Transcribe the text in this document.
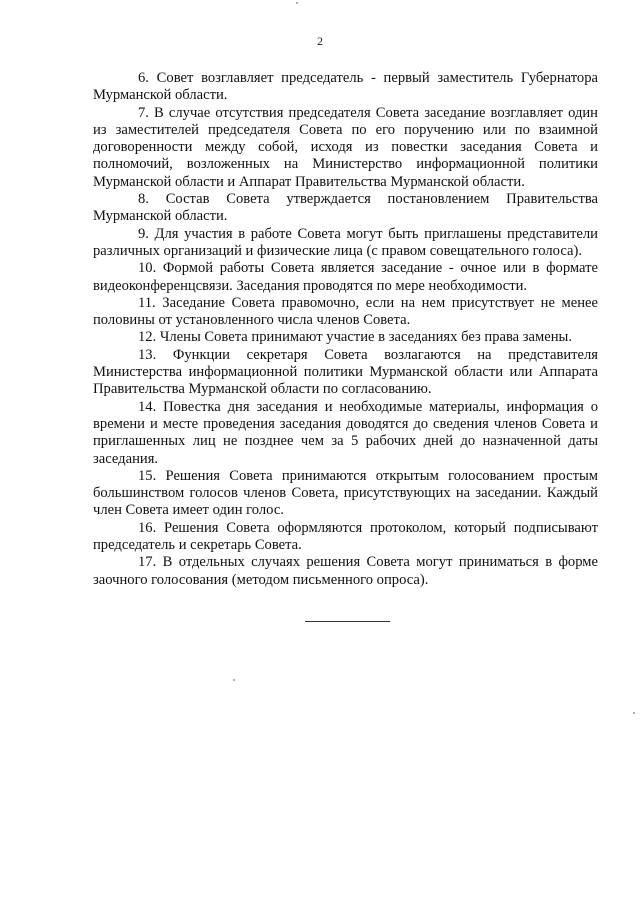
2

6. Совет возглавляет председатель - первый заместитель Губернатора Мурманской области.

7. В случае отсутствия председателя Совета заседание возглавляет один из заместителей председателя Совета по его поручению или по взаимной договоренности между собой, исходя из повестки заседания Совета и полномочий, возложенных на Министерство информационной политики Мурманской области и Аппарат Правительства Мурманской области.

8. Состав Совета утверждается постановлением Правительства Мурманской области.

9. Для участия в работе Совета могут быть приглашены представители различных организаций и физические лица (с правом совещательного голоса).

10. Формой работы Совета является заседание - очное или в формате видеоконференцсвязи. Заседания проводятся по мере необходимости.

11. Заседание Совета правомочно, если на нем присутствует не менее половины от установленного числа членов Совета.

12. Члены Совета принимают участие в заседаниях без права замены.

13. Функции секретаря Совета возлагаются на представителя Министерства информационной политики Мурманской области или Аппарата Правительства Мурманской области по согласованию.

14. Повестка дня заседания и необходимые материалы, информация о времени и месте проведения заседания доводятся до сведения членов Совета и приглашенных лиц не позднее чем за 5 рабочих дней до назначенной даты заседания.

15. Решения Совета принимаются открытым голосованием простым большинством голосов членов Совета, присутствующих на заседании. Каждый член Совета имеет один голос.

16. Решения Совета оформляются протоколом, который подписывают председатель и секретарь Совета.

17. В отдельных случаях решения Совета могут приниматься в форме заочного голосования (методом письменного опроса).
